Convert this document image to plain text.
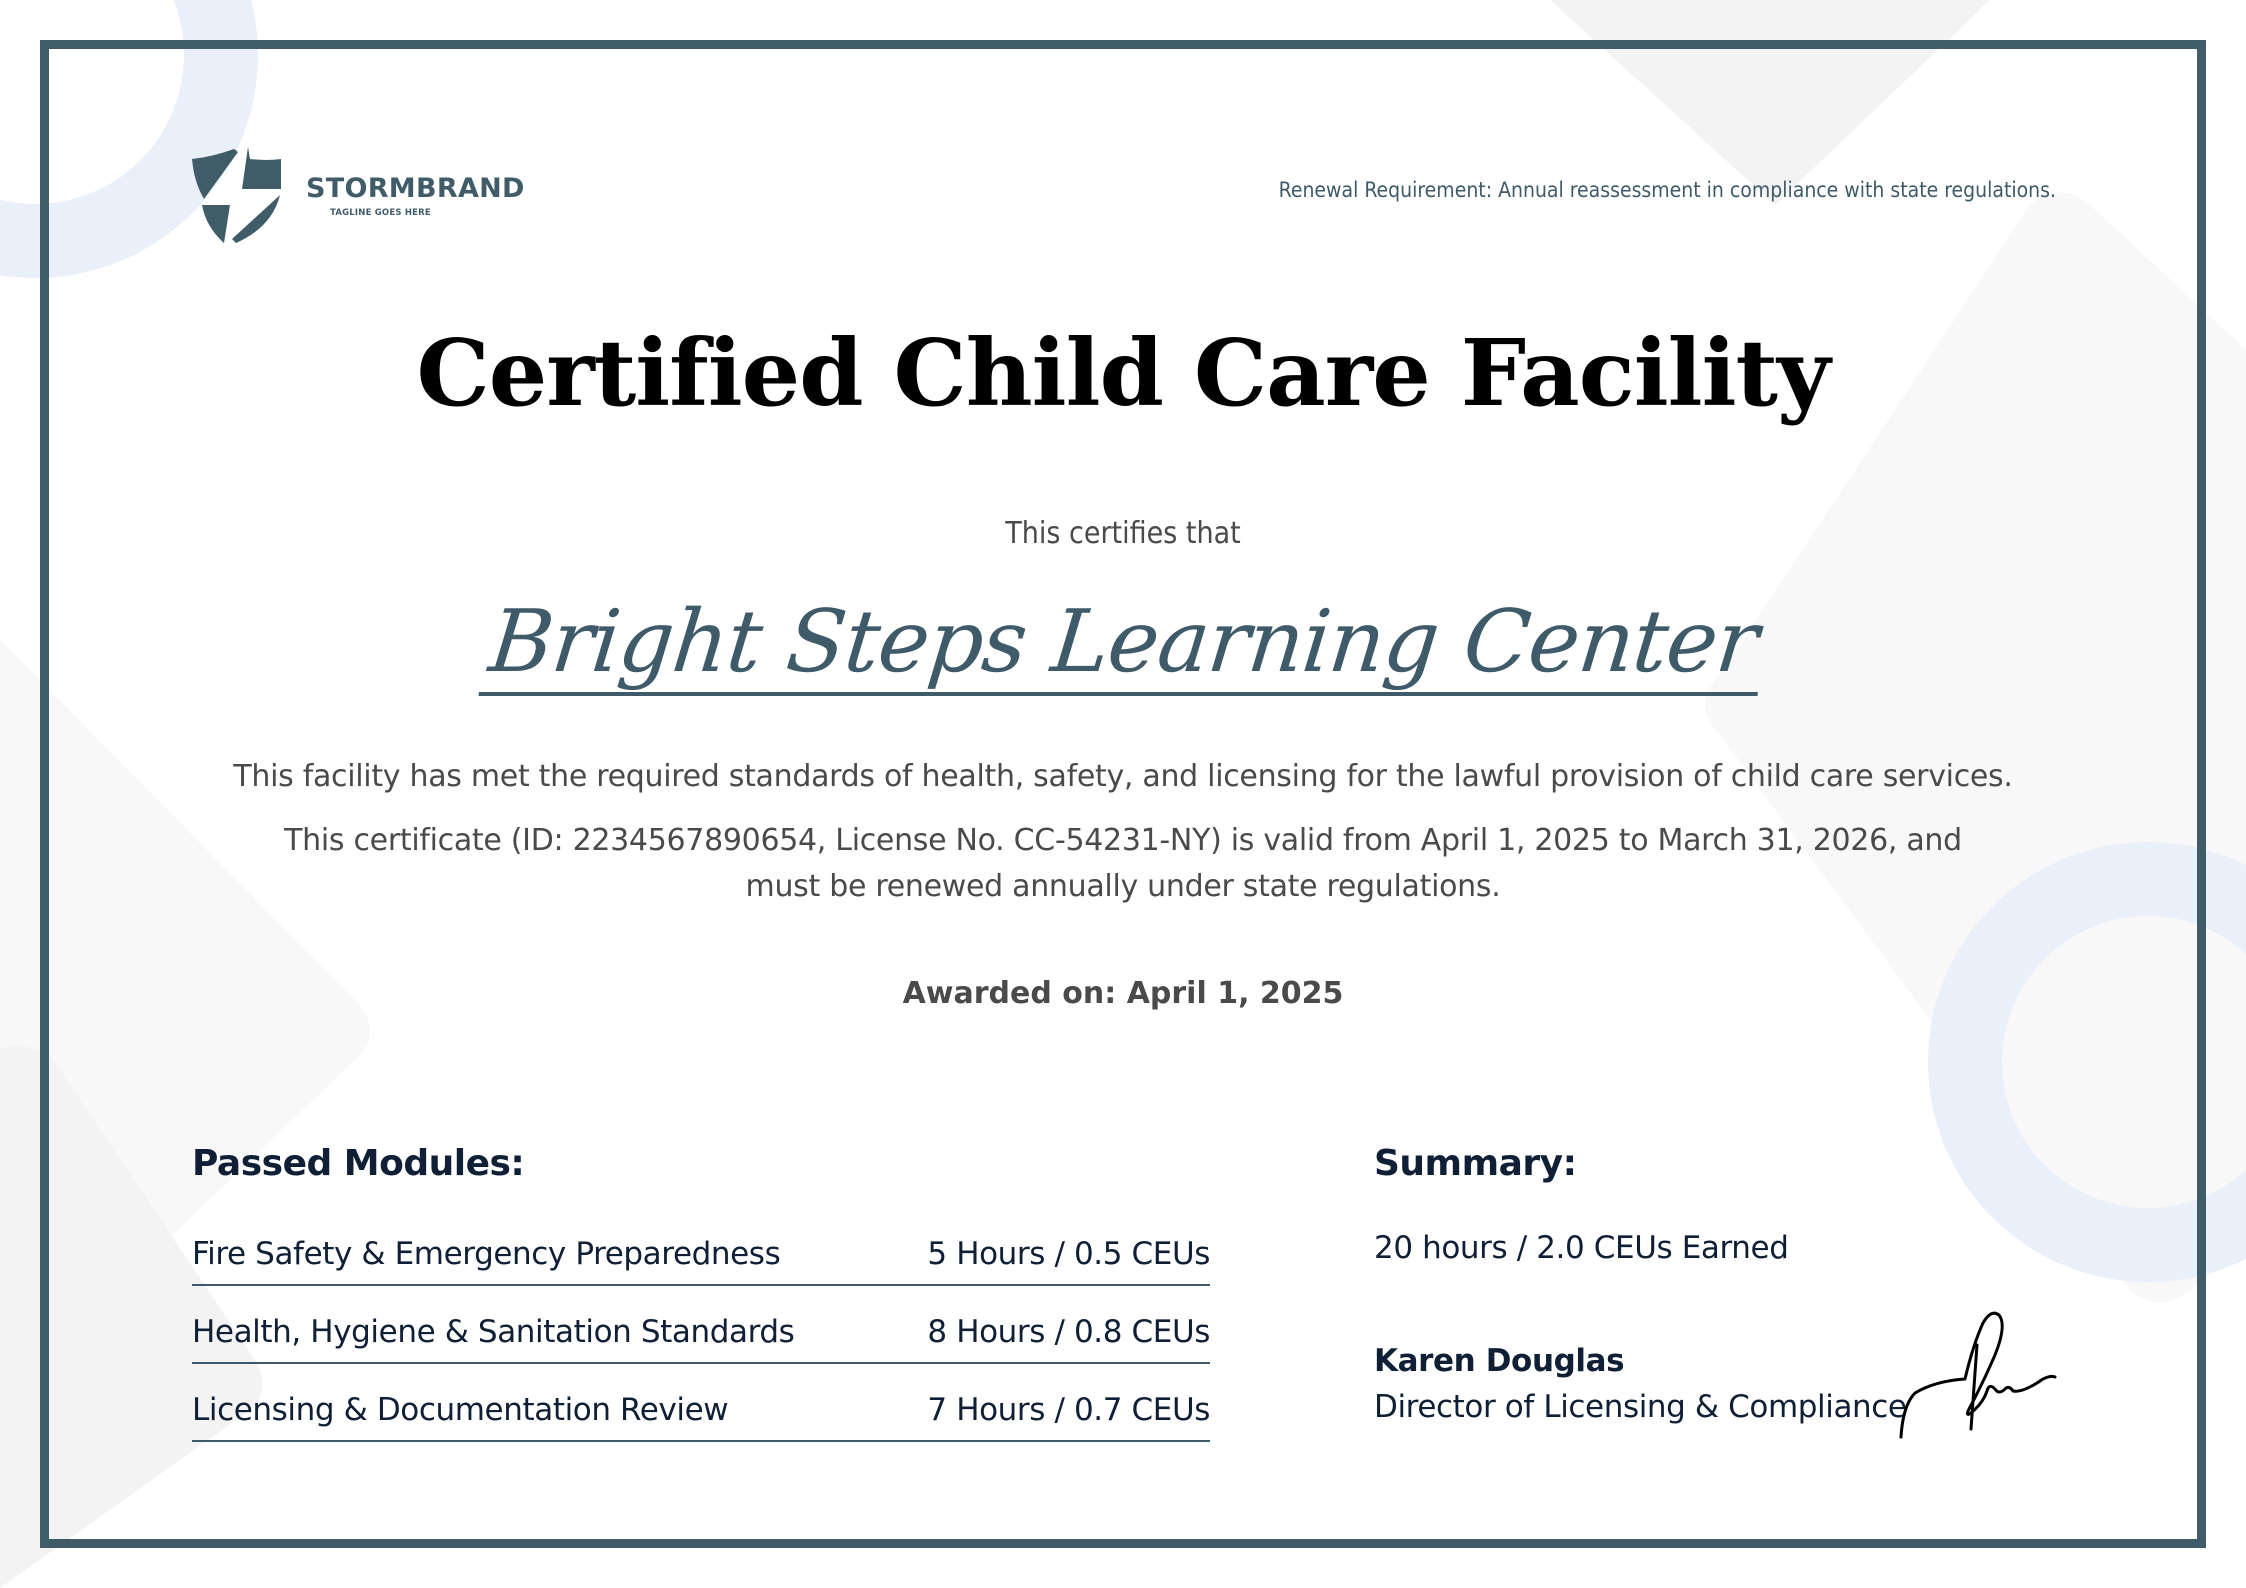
STORMBRAND
TAGLINE GOES HERE
Renewal Requirement: Annual reassessment in compliance with state regulations.
Certified Child Care Facility
This certifies that
Bright Steps Learning Center
This facility has met the required standards of health, safety, and licensing for the lawful provision of child care services.
This certificate (ID: 2234567890654, License No. CC-54231-NY) is valid from April 1, 2025 to March 31, 2026, and
must be renewed annually under state regulations.
Awarded on: April 1, 2025
Passed Modules:
Fire Safety & Emergency Preparedness	5 Hours / 0.5 CEUs
Health, Hygiene & Sanitation Standards	8 Hours / 0.8 CEUs
Licensing & Documentation Review	7 Hours / 0.7 CEUs
Summary:
20 hours / 2.0 CEUs Earned
Karen Douglas
Director of Licensing & Compliance
